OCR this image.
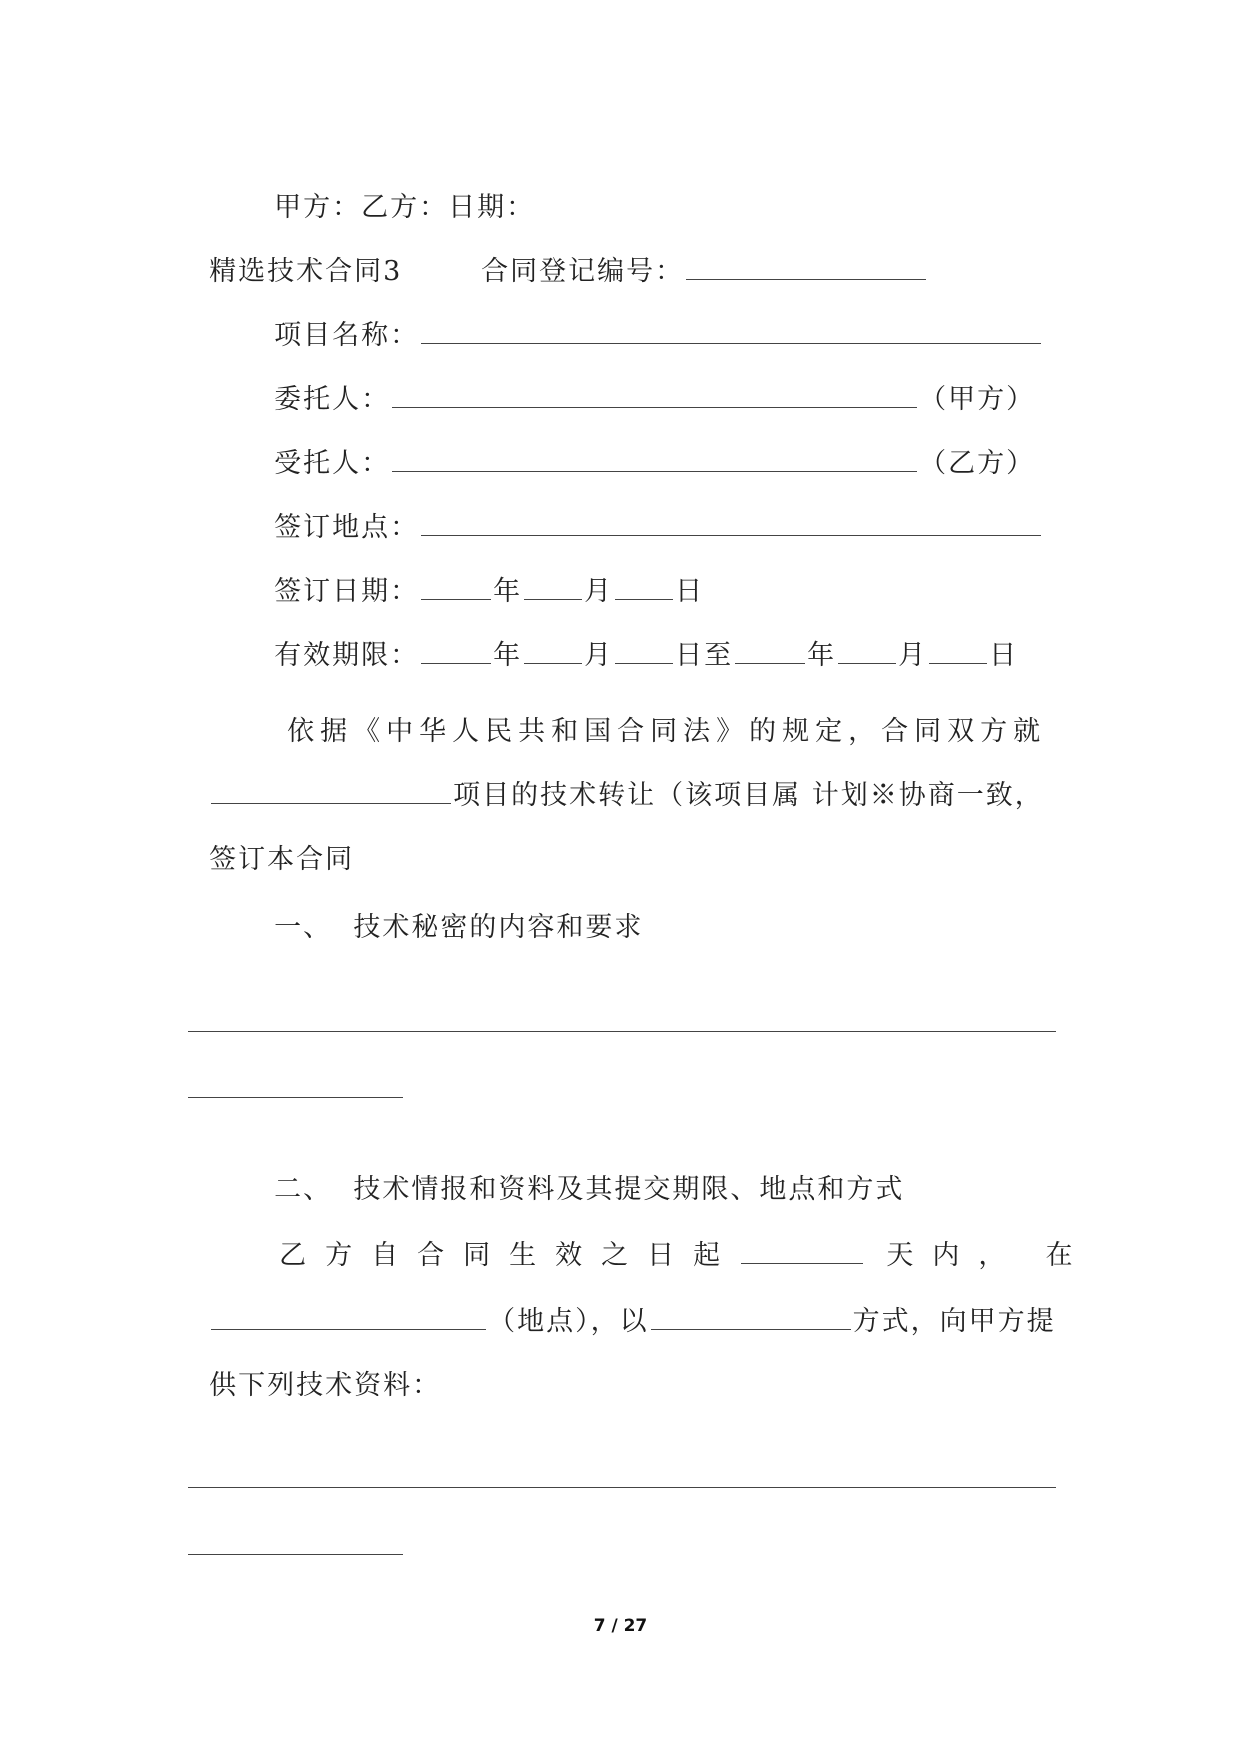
甲方：乙方：日期：

精选技术合同3	合同登记编号：

项目名称：

委托人：	（甲方）

受托人：	（乙方）

签订地点：

签订日期：	年 月 日

有效期限：	年 月 日至	年 月 日

依据《中华人民共和国合同法》的规定，合同双方就

项目的技术转让（该项目属 计划※协商一致，

签订本合同

一、 技术秘密的内容和要求

二、 技术情报和资料及其提交期限、地点和方式

乙方自合同生效之日起	天内， 在

（地点），以	方式，向甲方提

供下列技术资料：

7 / 27
